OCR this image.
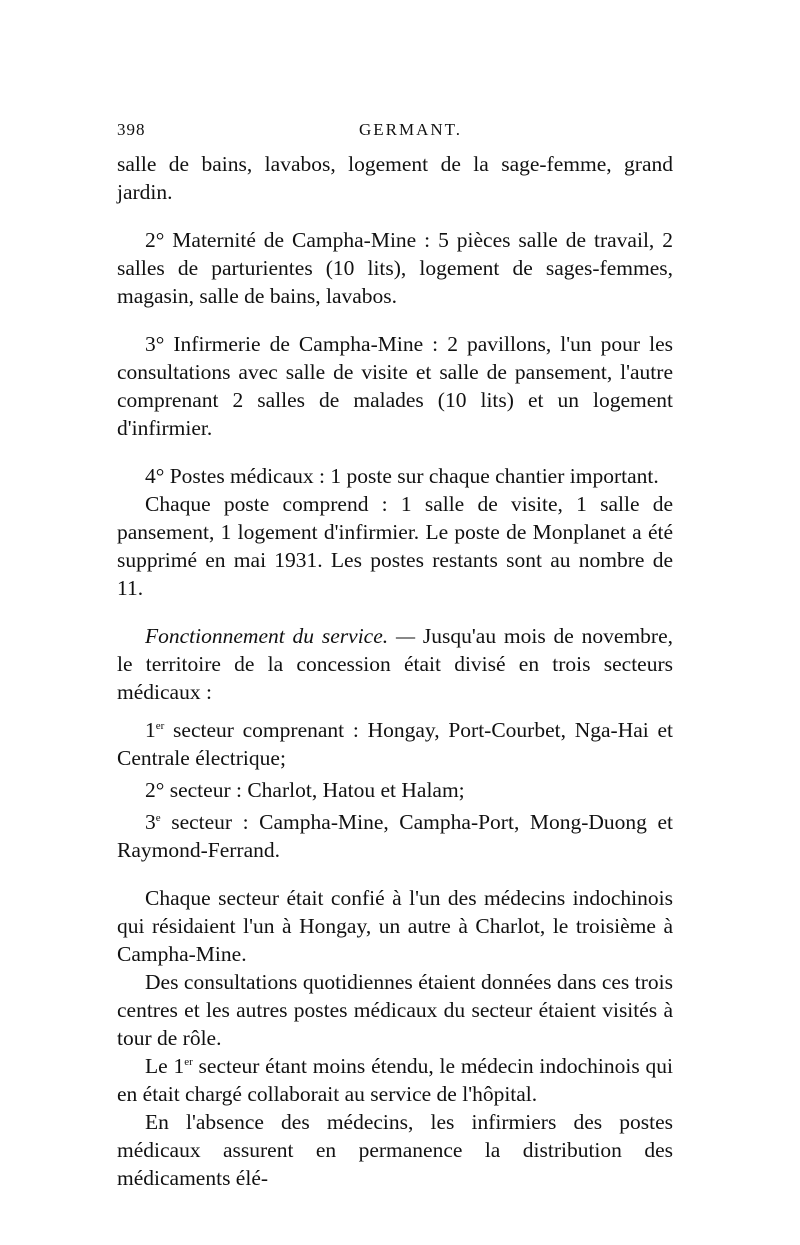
398	GERMANT.

salle de bains, lavabos, logement de la sage-femme, grand jardin.

2° Maternité de Campha-Mine : 5 pièces salle de travail, 2 salles de parturientes (10 lits), logement de sages-femmes, magasin, salle de bains, lavabos.

3° Infirmerie de Campha-Mine : 2 pavillons, l'un pour les consultations avec salle de visite et salle de pansement, l'autre comprenant 2 salles de malades (10 lits) et un logement d'infirmier.

4° Postes médicaux : 1 poste sur chaque chantier important.

Chaque poste comprend : 1 salle de visite, 1 salle de pansement, 1 logement d'infirmier. Le poste de Monplanet a été supprimé en mai 1931. Les postes restants sont au nombre de 11.

Fonctionnement du service. — Jusqu'au mois de novembre, le territoire de la concession était divisé en trois secteurs médicaux :

1er secteur comprenant : Hongay, Port-Courbet, Nga-Hai et Centrale électrique;

2° secteur : Charlot, Hatou et Halam;

3e secteur : Campha-Mine, Campha-Port, Mong-Duong et Raymond-Ferrand.

Chaque secteur était confié à l'un des médecins indochinois qui résidaient l'un à Hongay, un autre à Charlot, le troisième à Campha-Mine.

Des consultations quotidiennes étaient données dans ces trois centres et les autres postes médicaux du secteur étaient visités à tour de rôle.

Le 1er secteur étant moins étendu, le médecin indochinois qui en était chargé collaborait au service de l'hôpital.

En l'absence des médecins, les infirmiers des postes médicaux assurent en permanence la distribution des médicaments élé-
